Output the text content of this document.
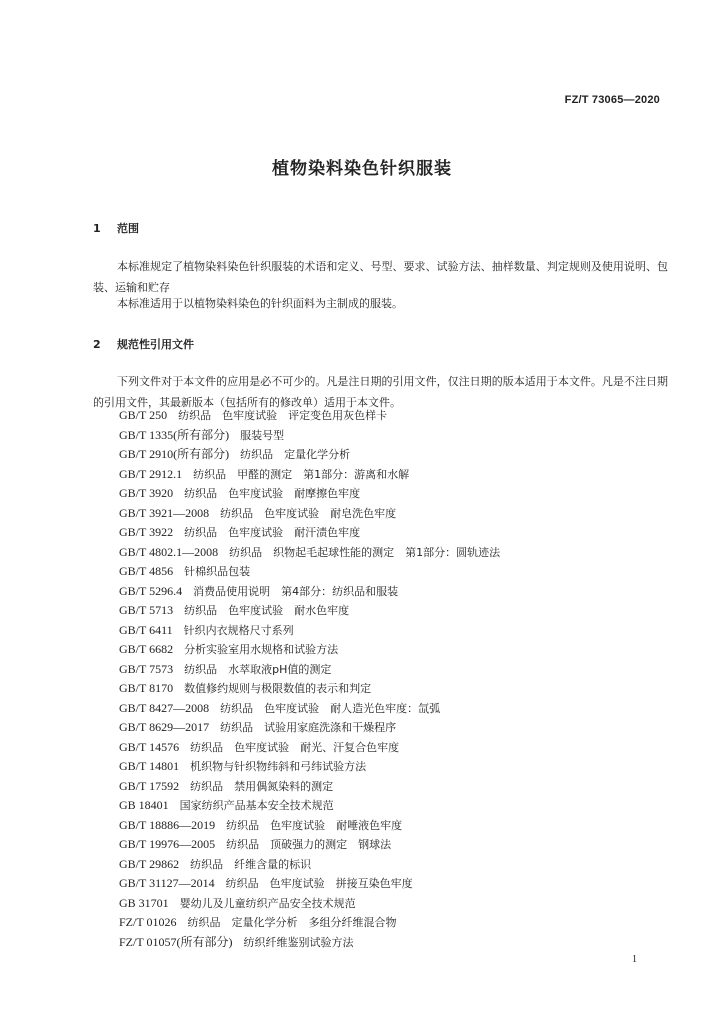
FZ/T 73065—2020
植物染料染色针织服装
1 范围

本标准规定了植物染料染色针织服装的术语和定义、号型、要求、试验方法、抽样数量、判定规则及使用说明、包装、运输和贮存

本标准适用于以植物染料染色的针织面料为主制成的服装。

2 规范性引用文件

下列文件对于本文件的应用是必不可少的。凡是注日期的引用文件，仅注日期的版本适用于本文件。凡是不注日期的引用文件，其最新版本（包括所有的修改单）适用于本文件。

GB/T 250　 纺织品　色牢度试验　评定变色用灰色样卡
GB/T 1335(所有部分)　 服装号型
GB/T 2910(所有部分)　 纺织品　定量化学分析
GB/T 2912.1　 纺织品　甲醛的测定　第1部分：游离和水解
GB/T 3920　 纺织品　色牢度试验　耐摩擦色牢度
GB/T 3921—2008　 纺织品　色牢度试验　耐皂洗色牢度
GB/T 3922　 纺织品　色牢度试验　耐汗渍色牢度
GB/T 4802.1—2008　 纺织品　织物起毛起球性能的测定　第1部分：圆轨迹法
GB/T 4856　 针棉织品包装
GB/T 5296.4　 消费品使用说明　第4部分：纺织品和服装
GB/T 5713　 纺织品　色牢度试验　耐水色牢度
GB/T 6411　 针织内衣规格尺寸系列
GB/T 6682　 分析实验室用水规格和试验方法
GB/T 7573　 纺织品　水萃取液pH值的测定
GB/T 8170　 数值修约规则与极限数值的表示和判定
GB/T 8427—2008　 纺织品　色牢度试验　耐人造光色牢度：氙弧
GB/T 8629—2017　 纺织品　试验用家庭洗涤和干燥程序
GB/T 14576　 纺织品　色牢度试验　耐光、汗复合色牢度
GB/T 14801　 机织物与针织物纬斜和弓纬试验方法
GB/T 17592　 纺织品　禁用偶氮染料的测定
GB 18401　 国家纺织产品基本安全技术规范
GB/T 18886—2019　 纺织品　色牢度试验　耐唾液色牢度
GB/T 19976—2005　 纺织品　顶破强力的测定　钢球法
GB/T 29862　 纺织品　纤维含量的标识
GB/T 31127—2014　 纺织品　色牢度试验　拼接互染色牢度
GB 31701　 婴幼儿及儿童纺织产品安全技术规范
FZ/T 01026　 纺织品　定量化学分析　多组分纤维混合物
FZ/T 01057(所有部分)　 纺织纤维鉴别试验方法
1
